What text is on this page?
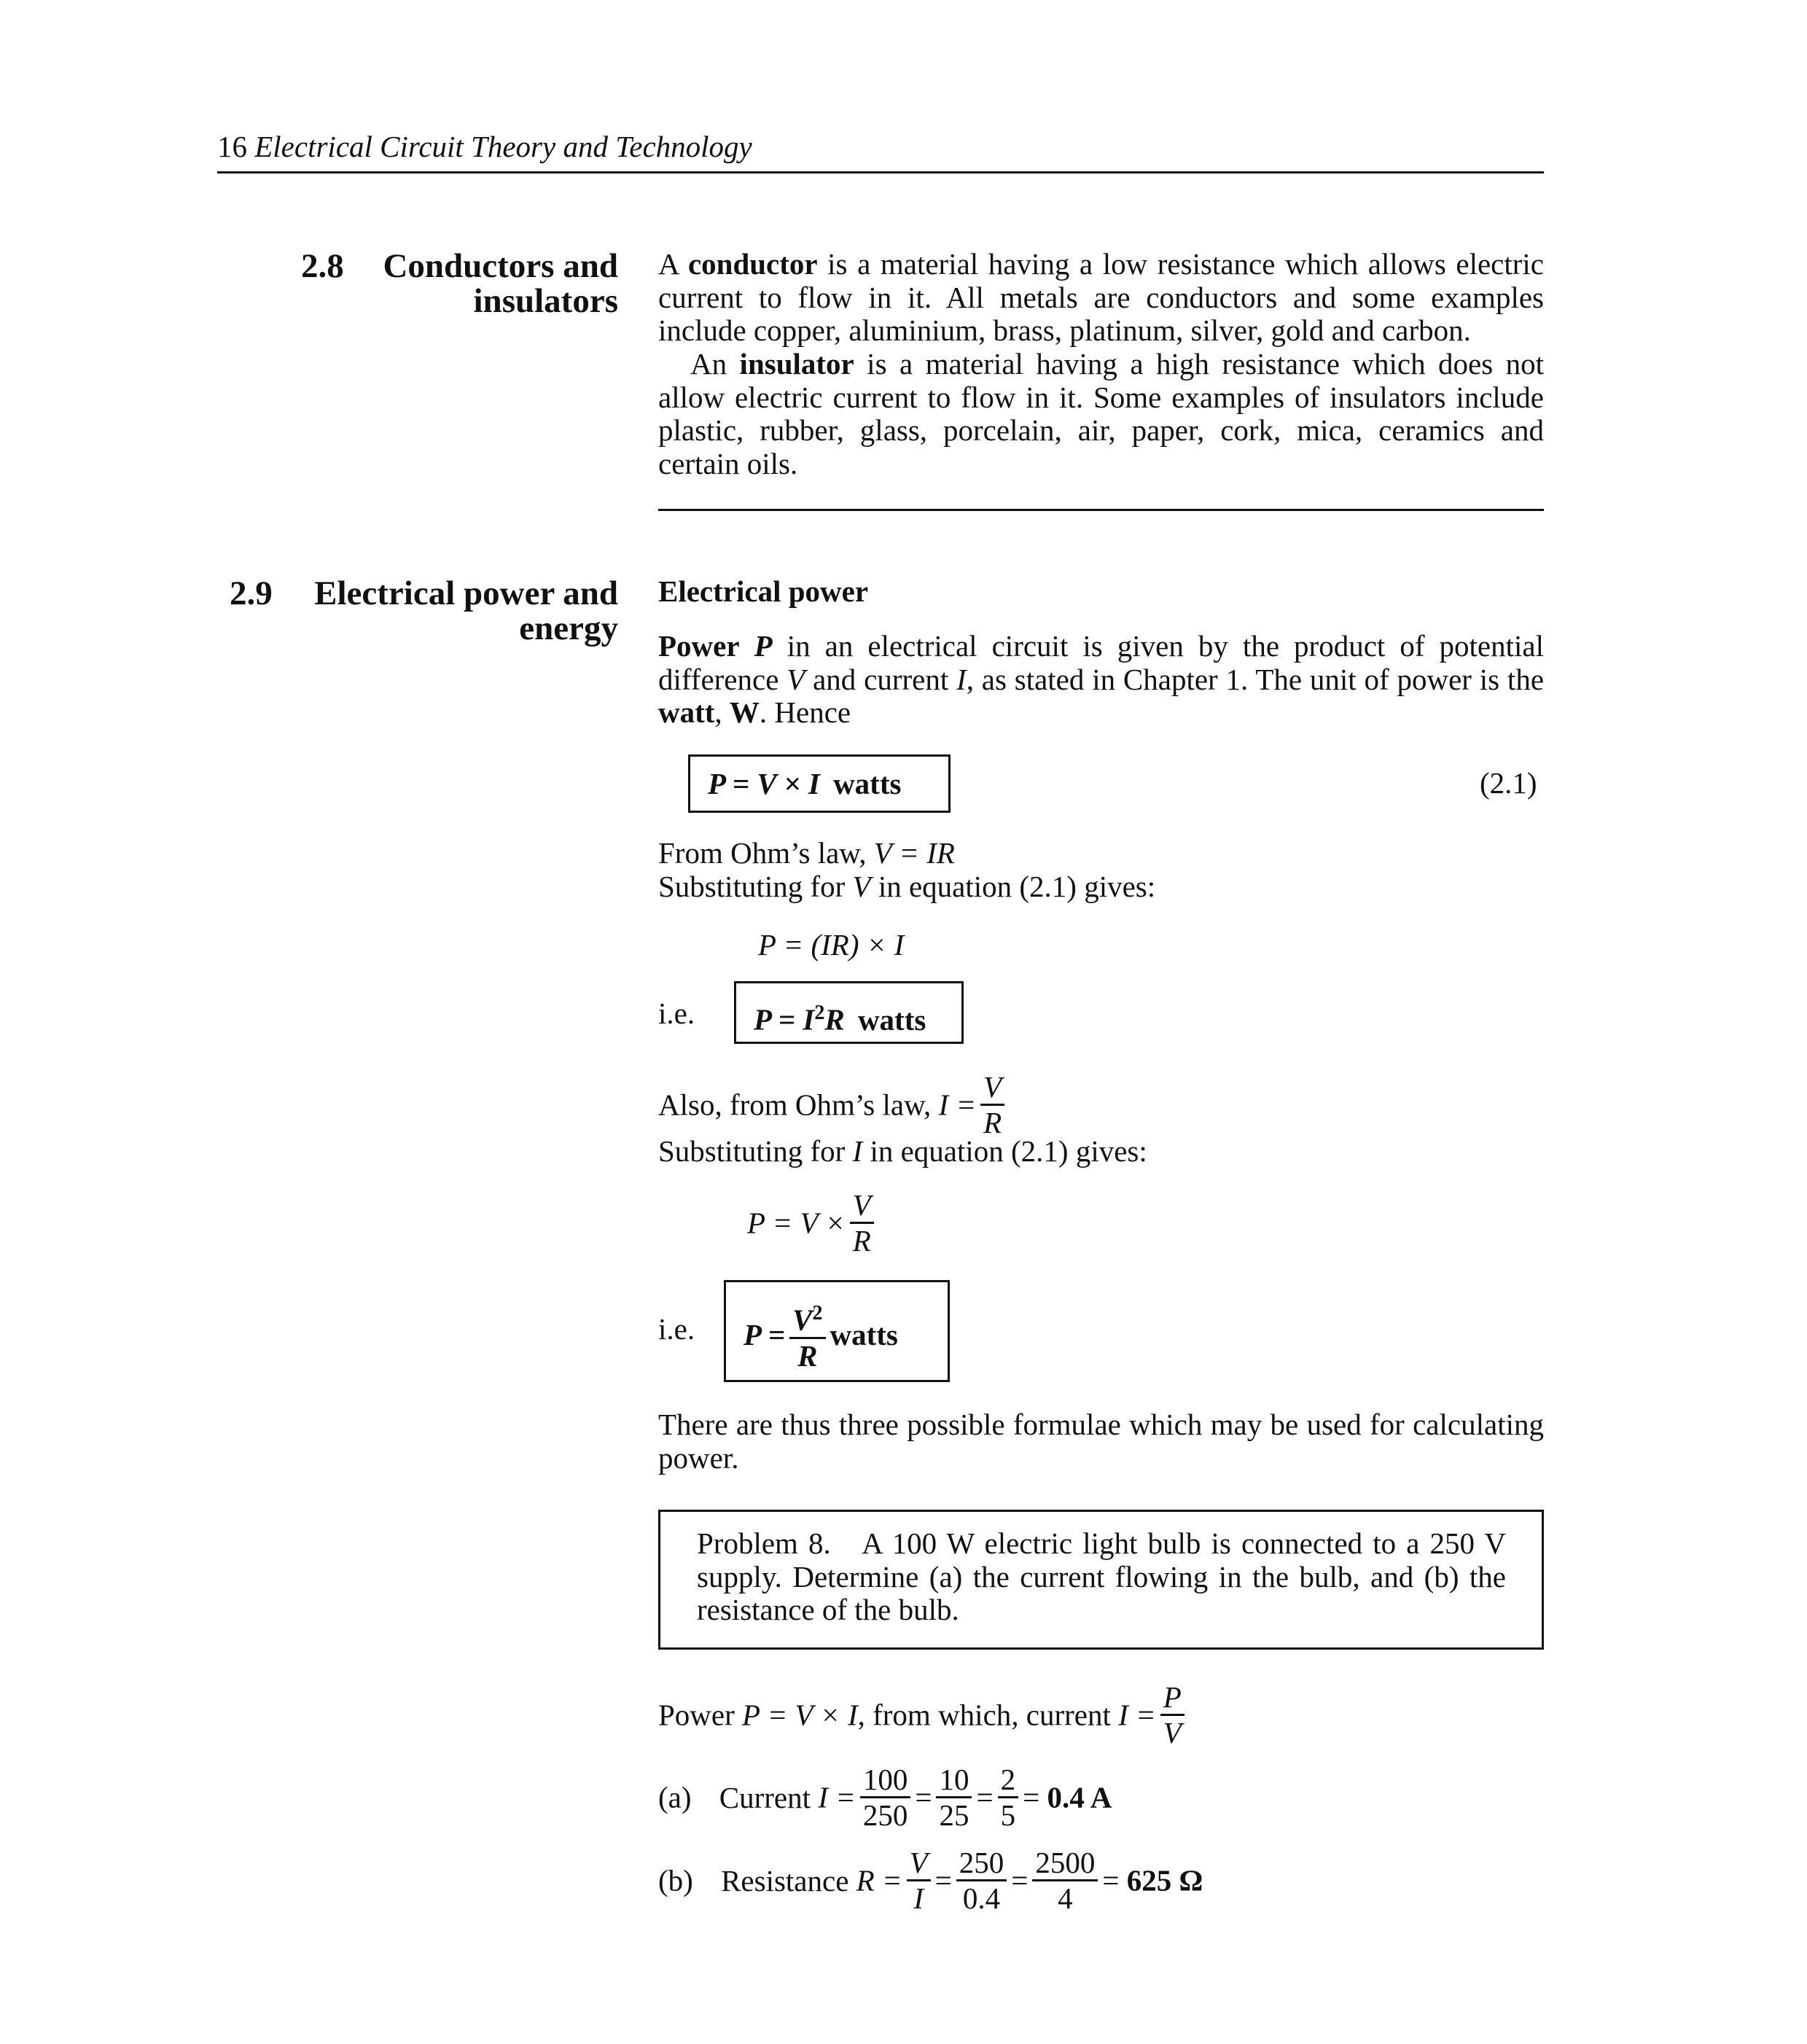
16 Electrical Circuit Theory and Technology
2.8	Conductors and
insulators
A conductor is a material having a low resistance which allows electric current to flow in it. All metals are conductors and some examples include copper, aluminium, brass, platinum, silver, gold and carbon.
An insulator is a material having a high resistance which does not allow electric current to flow in it. Some examples of insulators include plastic, rubber, glass, porcelain, air, paper, cork, mica, ceramics and certain oils.
2.9	Electrical power and
energy
Electrical power
Power P in an electrical circuit is given by the product of potential difference V and current I, as stated in Chapter 1. The unit of power is the watt, W. Hence
P = V × I watts	(2.1)
From Ohm’s law, V = IR
Substituting for V in equation (2.1) gives:
P = (IR) × I
i.e. $P = I^2R$ watts
Also, from Ohm’s law, $I = \frac{V}{R}$
Substituting for I in equation (2.1) gives:
$P = V \times \frac{V}{R}$
i.e. $P = \frac{V^2}{R}$ watts
There are thus three possible formulae which may be used for calculating power.
Problem 8. A 100 W electric light bulb is connected to a 250 V supply. Determine (a) the current flowing in the bulb, and (b) the resistance of the bulb.
Power P = V × I, from which, current $I = \frac{P}{V}$
(a) Current $I = \frac{100}{250} = \frac{10}{25} = \frac{2}{5} = 0.4$ A
(b) Resistance $R = \frac{V}{I} = \frac{250}{0.4} = \frac{2500}{4} = 625$ Ω
